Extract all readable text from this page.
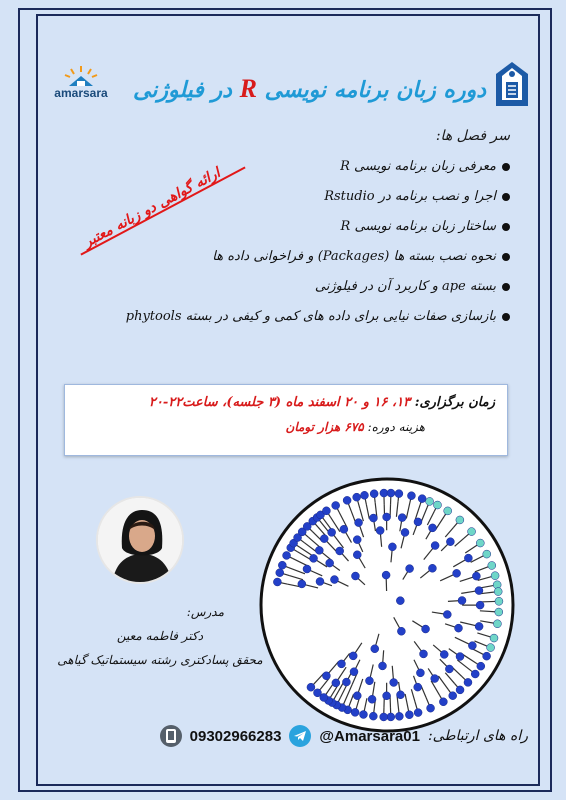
amarsara	دوره زبان برنامه نویسی R در فیلوژنی
سر فصل ها:
معرفی زبان برنامه نویسی R
اجرا و نصب برنامه در Rstudio
ساختار زبان برنامه نویسی R
نحوه نصب بسته ها (Packages) و فراخوانی داده ها
بسته ape و کاربرد آن در فیلوژنی
بازسازی صفات نیایی برای داده های کمی و کیفی در بسته phytools
ارائه گواهی دو زبانه معتبر
زمان برگزاری: ۱۳، ۱۶ و ۲۰ اسفند ماه (۳ جلسه)، ساعت۲۲-۲۰
هزینه دوره: ۶۷۵ هزار تومان
مدرس:
دکتر فاطمه معین
محقق پسادکتری رشته سیستماتیک گیاهی
راه های ارتباطی:
@Amarsara01
09302966283
